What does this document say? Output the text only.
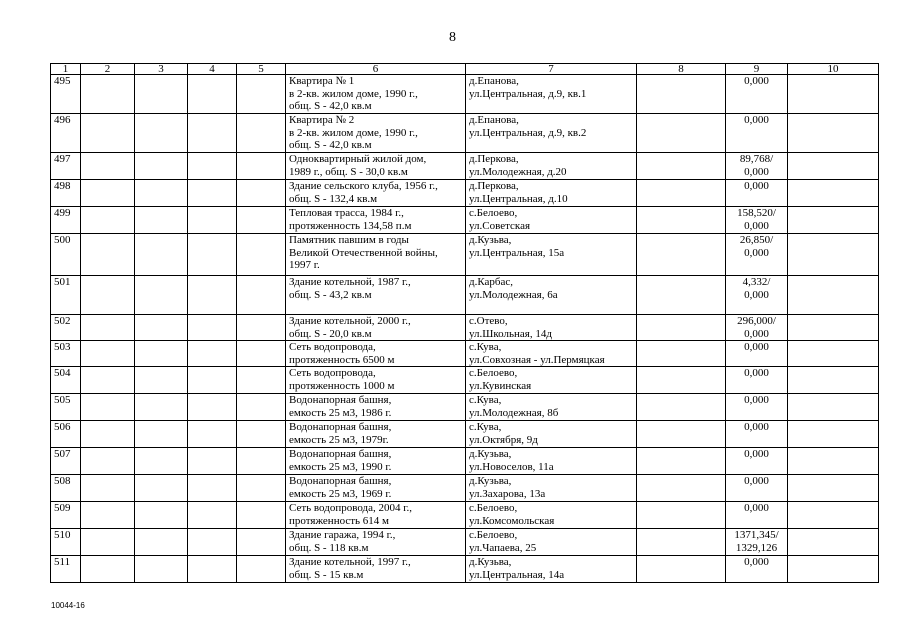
8
1	2	3	4	5	6	7	8	9	10
495					Квартира № 1
в 2-кв. жилом доме, 1990 г.,
общ. S - 42,0 кв.м	д.Епанова,
ул.Центральная, д.9, кв.1		0,000	

496					Квартира № 2
в 2-кв. жилом доме, 1990 г.,
общ. S - 42,0 кв.м	д.Епанова,
ул.Центральная, д.9, кв.2		0,000	

497					Одноквартирный жилой дом,
1989 г., общ. S - 30,0 кв.м	д.Перкова,
ул.Молодежная, д.20		89,768/
0,000	

498					Здание сельского клуба, 1956 г.,
общ. S - 132,4 кв.м	д.Перкова,
ул.Центральная, д.10		0,000	

499					Тепловая трасса, 1984 г.,
протяженность 134,58 п.м	с.Белоево,
ул.Советская		158,520/
0,000	

500					Памятник павшим в годы
Великой Отечественной войны,
1997 г.	д.Кузьва,
ул.Центральная, 15а		26,850/
0,000	

501					Здание котельной, 1987 г.,
общ. S - 43,2 кв.м	д.Карбас,
ул.Молодежная, 6а		4,332/
0,000	

502					Здание котельной, 2000 г.,
общ. S - 20,0 кв.м	с.Отево,
ул.Школьная, 14д		296,000/
0,000	

503					Сеть водопровода,
протяженность 6500 м	с.Кува,
ул.Совхозная - ул.Пермяцкая		0,000	

504					Сеть водопровода,
протяженность 1000 м	с.Белоево,
ул.Кувинская		0,000	

505					Водонапорная башня,
емкость 25 м3, 1986 г.	с.Кува,
ул.Молодежная, 8б		0,000	

506					Водонапорная башня,
емкость 25 м3, 1979г.	с.Кува,
ул.Октября, 9д		0,000	

507					Водонапорная башня,
емкость 25 м3, 1990 г.	д.Кузьва,
ул.Новоселов, 11а		0,000	

508					Водонапорная башня,
емкость 25 м3, 1969 г.	д.Кузьва,
ул.Захарова, 13а		0,000	

509					Сеть водопровода, 2004 г.,
протяженность 614 м	с.Белоево,
ул.Комсомольская		0,000	

510					Здание гаража, 1994 г.,
общ. S - 118 кв.м	с.Белоево,
ул.Чапаева, 25		1371,345/
1329,126	

511					Здание котельной, 1997 г.,
общ. S - 15 кв.м	д.Кузьва,
ул.Центральная, 14а		0,000	

10044-16
